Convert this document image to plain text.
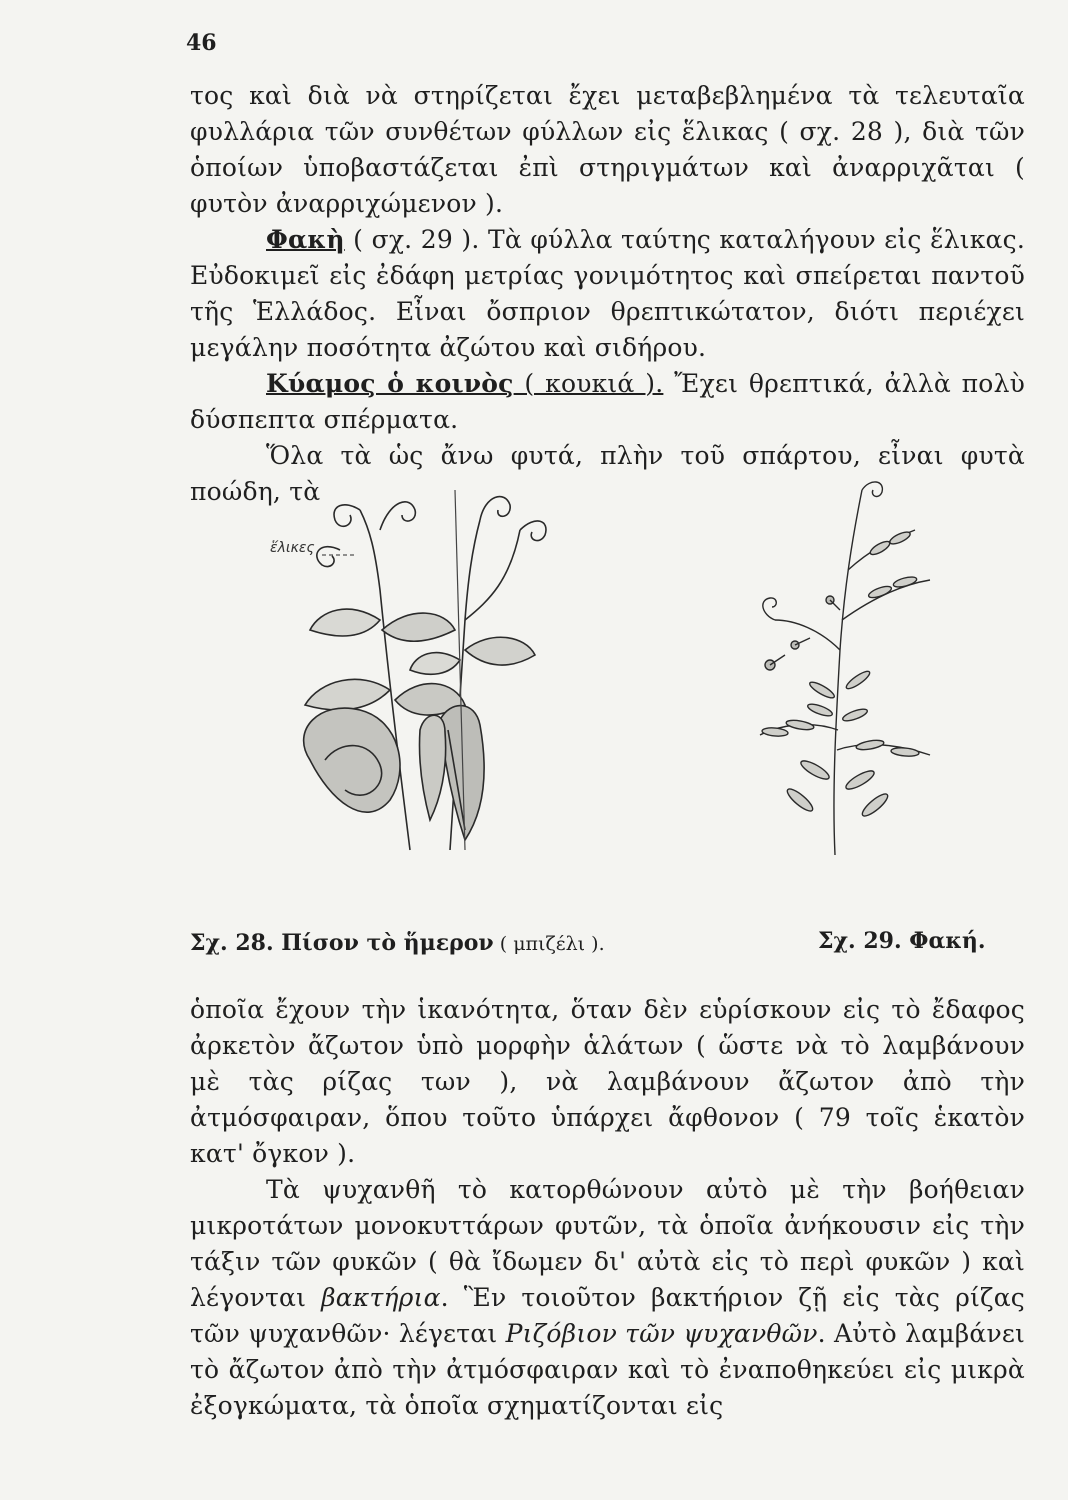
46

τος καὶ διὰ νὰ στηρίζεται ἔχει μεταβεβλημένα τὰ τελευταῖα φυλλάρια τῶν συνθέτων φύλλων εἰς ἕλικας ( σχ. 28 ), διὰ τῶν ὁποίων ὑποβαστάζεται ἐπὶ στηριγμάτων καὶ ἀναρριχᾶται ( φυτὸν ἀναρριχώμενον ).

Φακὴ ( σχ. 29 ). Τὰ φύλλα ταύτης καταλήγουν εἰς ἕλικας. Εὐδοκιμεῖ εἰς ἐδάφη μετρίας γονιμότητος καὶ σπείρεται παντοῦ τῆς Ἑλλάδος. Εἶναι ὄσπριον θρεπτικώτατον, διότι περιέχει μεγάλην ποσότητα ἀζώτου καὶ σιδήρου.

Κύαμος ὁ κοινὸς ( κουκιά ). Ἔχει θρεπτικά, ἀλλὰ πολὺ δύσπεπτα σπέρματα.

Ὅλα τὰ ὡς ἄνω φυτά, πλὴν τοῦ σπάρτου, εἶναι φυτὰ ποώδη, τὰ

ἕλικες
Σχ. 28. Πίσον τὸ ἥμερον ( μπιζέλι ).	Σχ. 29. Φακή.

ὁποῖα ἔχουν τὴν ἱκανότητα, ὅταν δὲν εὑρίσκουν εἰς τὸ ἔδαφος ἀρκετὸν ἄζωτον ὑπὸ μορφὴν ἁλάτων ( ὥστε νὰ τὸ λαμβάνουν μὲ τὰς ρίζας των ), νὰ λαμβάνουν ἄζωτον ἀπὸ τὴν ἀτμόσφαιραν, ὅπου τοῦτο ὑπάρχει ἄφθονον ( 79 τοῖς ἑκατὸν κατ' ὄγκον ).

Τὰ ψυχανθῆ τὸ κατορθώνουν αὐτὸ μὲ τὴν βοήθειαν μικροτάτων μονοκυττάρων φυτῶν, τὰ ὁποῖα ἀνήκουσιν εἰς τὴν τάξιν τῶν φυκῶν ( θὰ ἴδωμεν δι' αὐτὰ εἰς τὸ περὶ φυκῶν ) καὶ λέγονται βακτήρια. Ἓν τοιοῦτον βακτήριον ζῇ εἰς τὰς ρίζας τῶν ψυχανθῶν· λέγεται Ριζόβιον τῶν ψυχανθῶν. Αὐτὸ λαμβάνει τὸ ἄζωτον ἀπὸ τὴν ἀτμόσφαιραν καὶ τὸ ἐναποθηκεύει εἰς μικρὰ ἐξογκώματα, τὰ ὁποῖα σχηματίζονται εἰς
